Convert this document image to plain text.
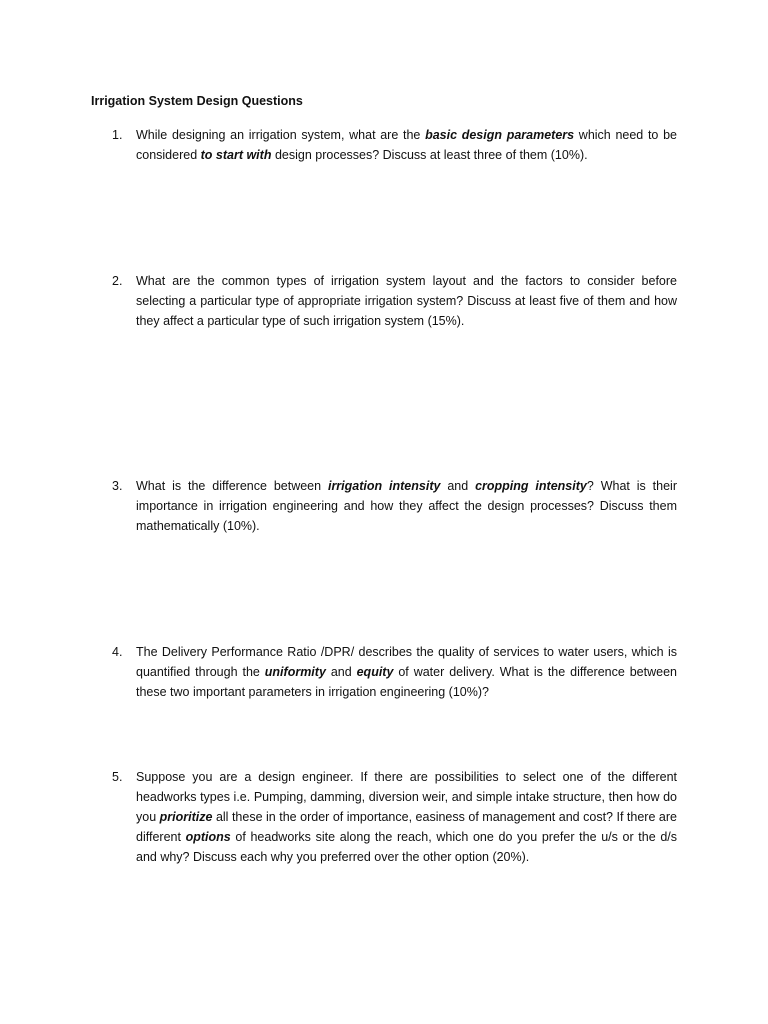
Irrigation System Design Questions
1.	While designing an irrigation system, what are the basic design parameters which need to be considered to start with design processes? Discuss at least three of them (10%).
2.	What are the common types of irrigation system layout and the factors to consider before selecting a particular type of appropriate irrigation system? Discuss at least five of them and how they affect a particular type of such irrigation system (15%).
3.	What is the difference between irrigation intensity and cropping intensity? What is their importance in irrigation engineering and how they affect the design processes? Discuss them mathematically (10%).
4.	The Delivery Performance Ratio /DPR/ describes the quality of services to water users, which is quantified through the uniformity and equity of water delivery. What is the difference between these two important parameters in irrigation engineering (10%)?
5.	Suppose you are a design engineer. If there are possibilities to select one of the different headworks types i.e. Pumping, damming, diversion weir, and simple intake structure, then how do you prioritize all these in the order of importance, easiness of management and cost? If there are different options of headworks site along the reach, which one do you prefer the u/s or the d/s and why? Discuss each why you preferred over the other option (20%).
